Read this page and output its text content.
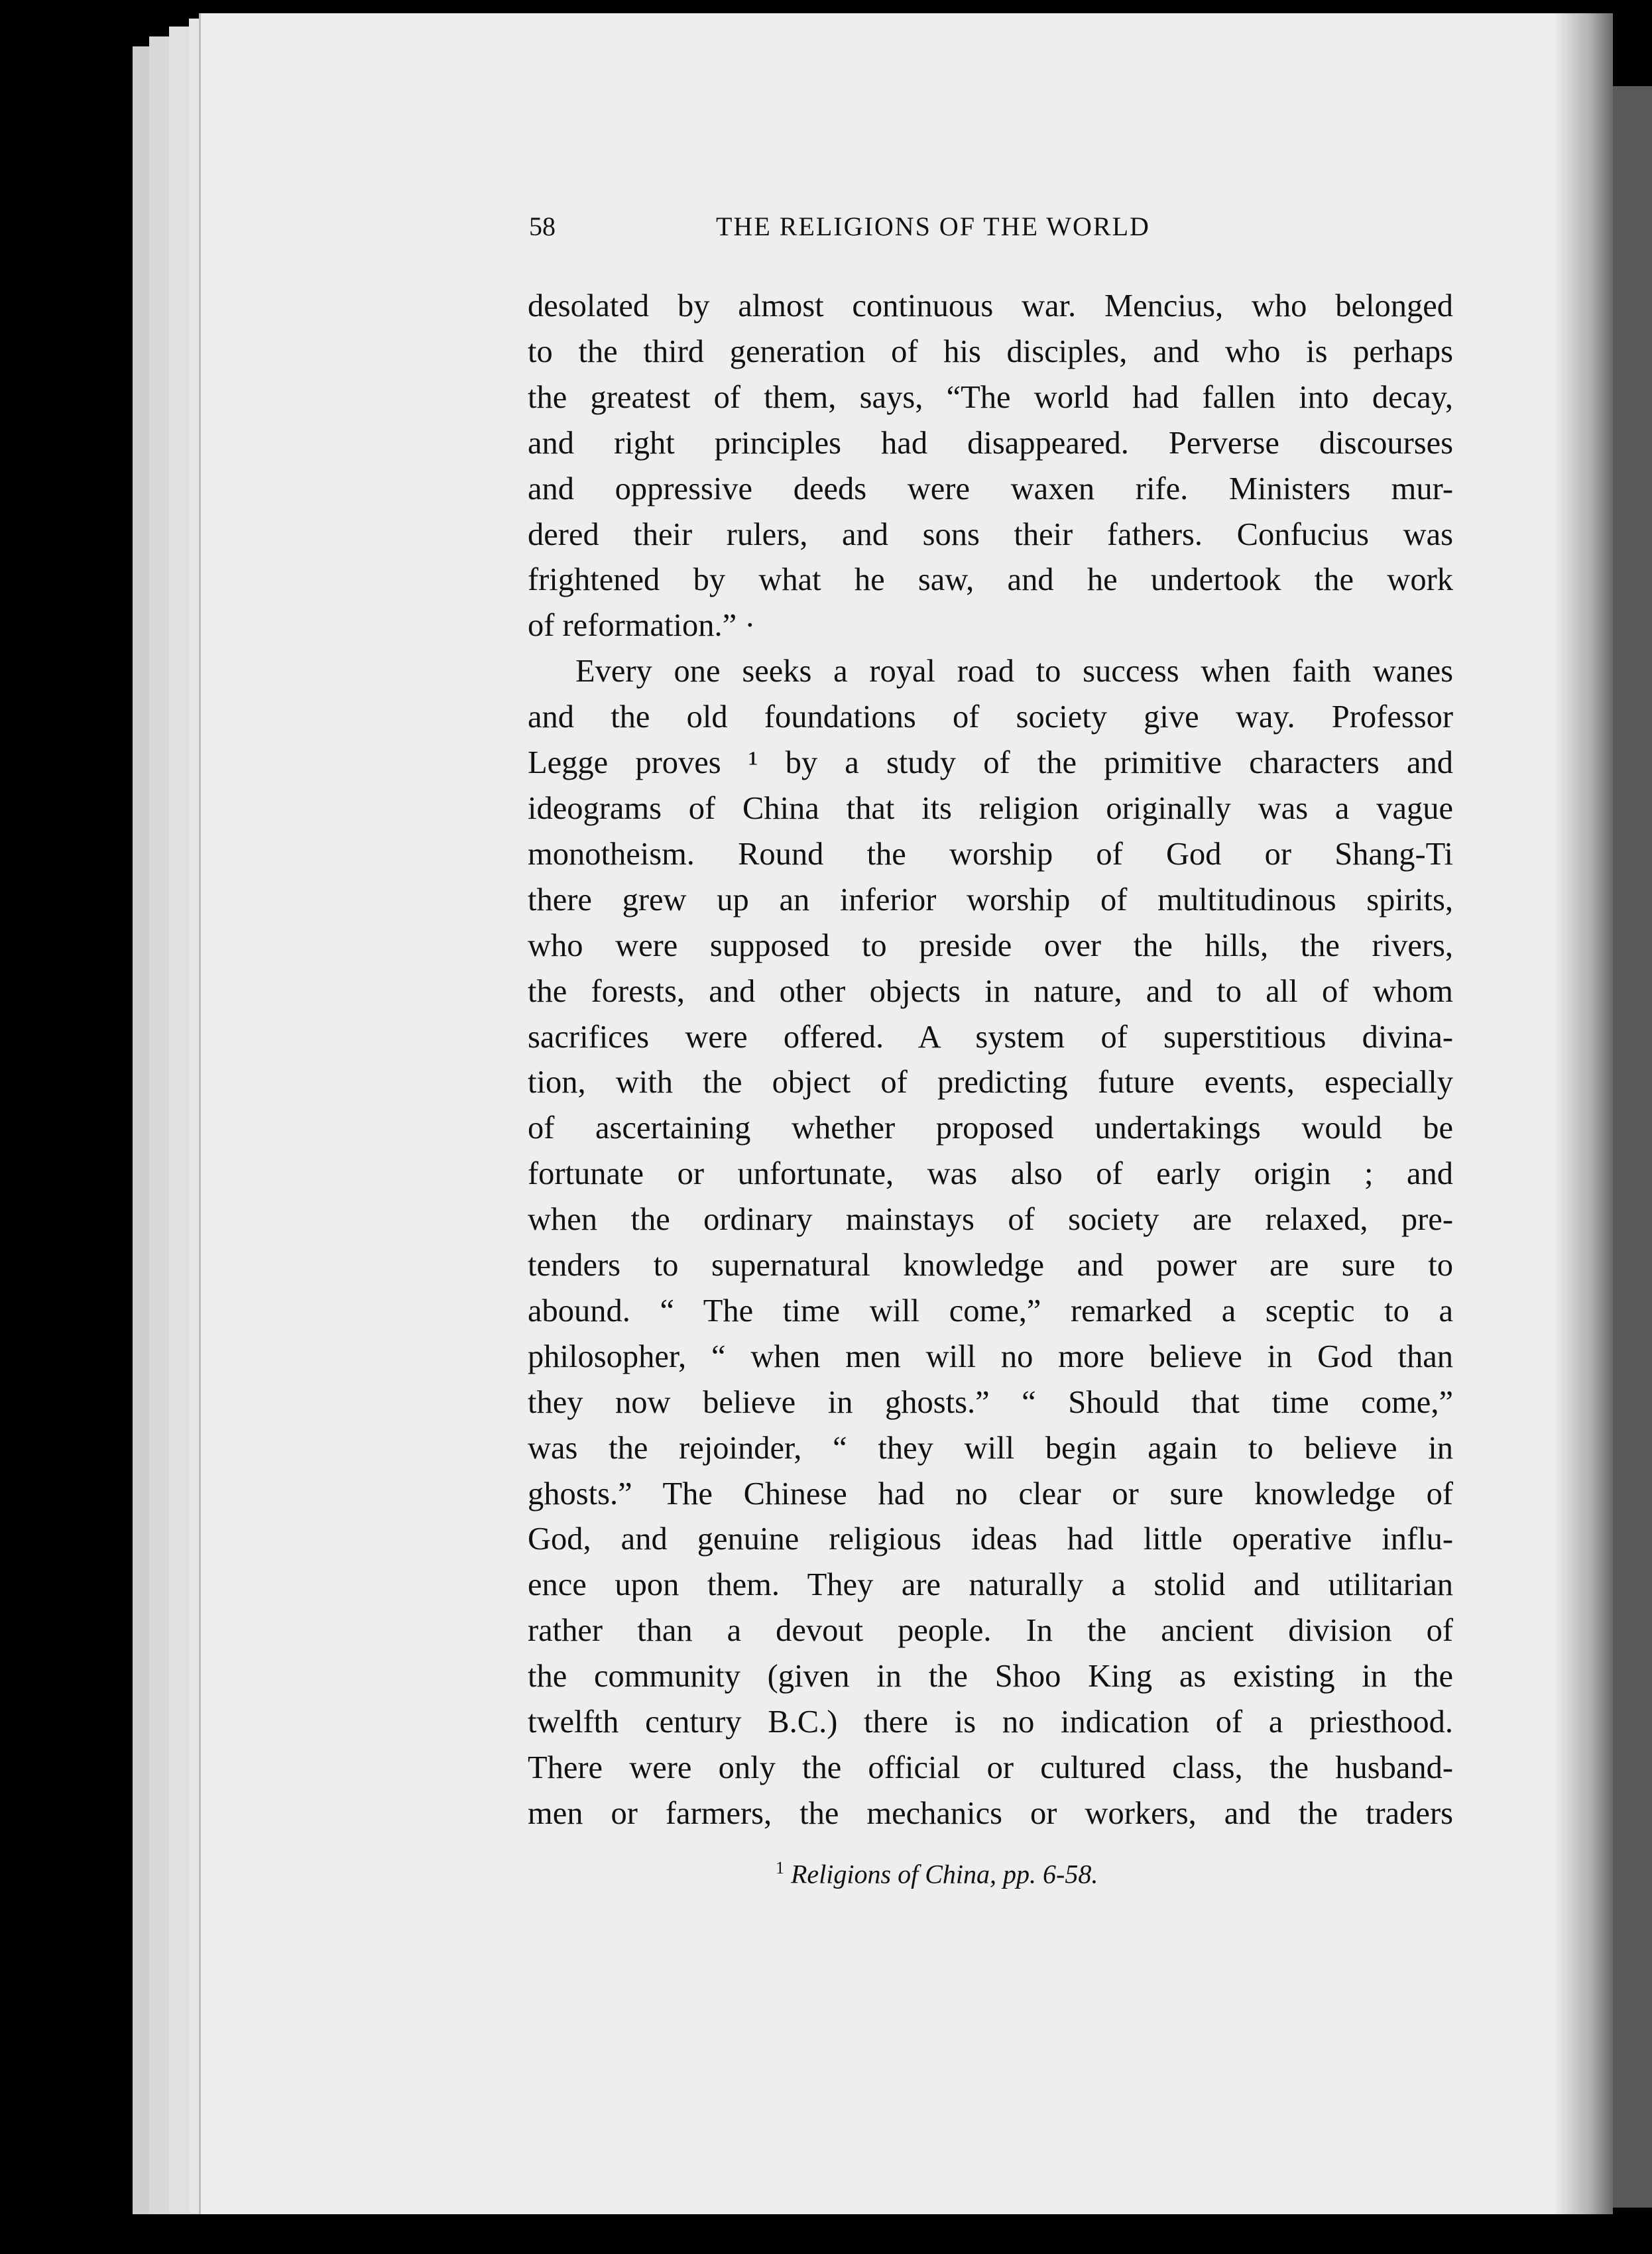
58	THE RELIGIONS OF THE WORLD
desolated by almost continuous war. Mencius, who belonged
to the third generation of his disciples, and who is perhaps
the greatest of them, says, “The world had fallen into decay,
and right principles had disappeared. Perverse discourses
and oppressive deeds were waxen rife. Ministers mur-
dered their rulers, and sons their fathers. Confucius was
frightened by what he saw, and he undertook the work
of reformation.” ·
Every one seeks a royal road to success when faith wanes
and the old foundations of society give way. Professor
Legge proves ¹ by a study of the primitive characters and
ideograms of China that its religion originally was a vague
monotheism. Round the worship of God or Shang-Ti
there grew up an inferior worship of multitudinous spirits,
who were supposed to preside over the hills, the rivers,
the forests, and other objects in nature, and to all of whom
sacrifices were offered. A system of superstitious divina-
tion, with the object of predicting future events, especially
of ascertaining whether proposed undertakings would be
fortunate or unfortunate, was also of early origin ; and
when the ordinary mainstays of society are relaxed, pre-
tenders to supernatural knowledge and power are sure to
abound. “ The time will come,” remarked a sceptic to a
philosopher, “ when men will no more believe in God than
they now believe in ghosts.” “ Should that time come,”
was the rejoinder, “ they will begin again to believe in
ghosts.” The Chinese had no clear or sure knowledge of
God, and genuine religious ideas had little operative influ-
ence upon them. They are naturally a stolid and utilitarian
rather than a devout people. In the ancient division of
the community (given in the Shoo King as existing in the
twelfth century B.C.) there is no indication of a priesthood.
There were only the official or cultured class, the husband-
men or farmers, the mechanics or workers, and the traders
$^1$ Religions of China, pp. 6-58.
